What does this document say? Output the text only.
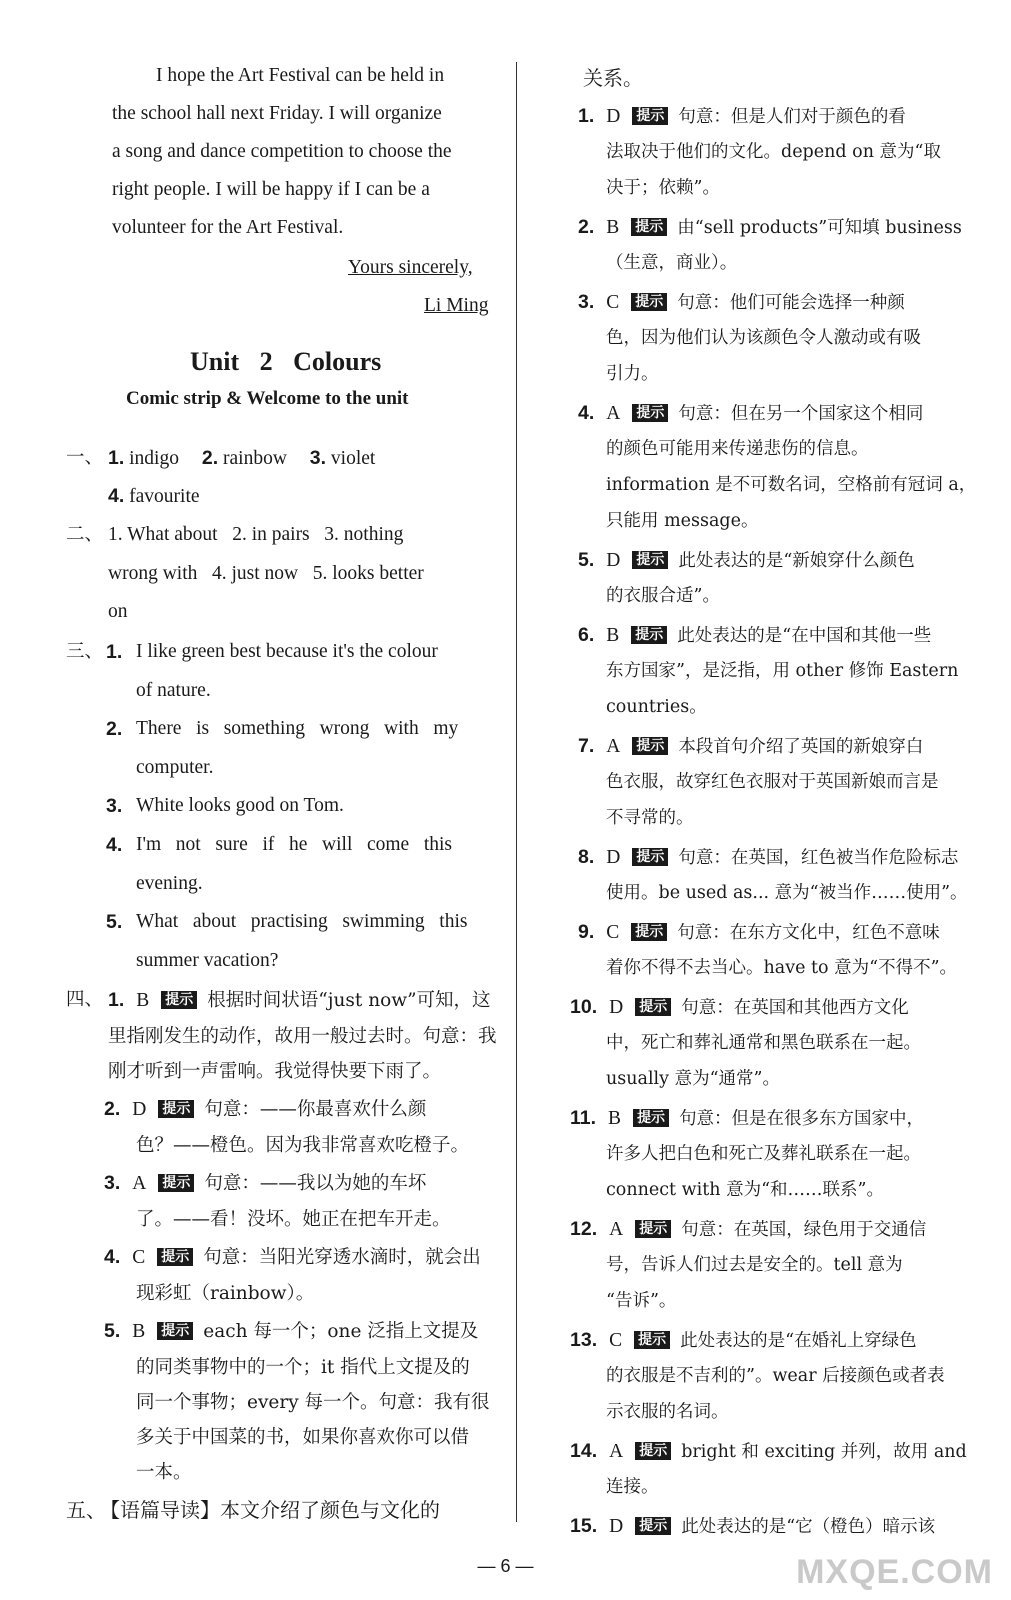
I hope the Art Festival can be held in
the school hall next Friday. I will organize
a song and dance competition to choose the
right people. I will be happy if I can be a
volunteer for the Art Festival.
Yours sincerely,
Li Ming
Unit 2 Colours
Comic strip & Welcome to the unit
一、 1. indigo 2. rainbow 3. violet
4. favourite
二、 1. What about   2. in pairs   3. nothing
wrong with   4. just now   5. looks better
on
三、 1. I like green best because it's the colour
of nature.
2. There   is   something   wrong   with   my
computer.
3. White looks good on Tom.
4. I'm   not   sure   if   he   will   come   this
evening.
5. What   about   practising   swimming   this
summer vacation?
四、 1. B 提示 根据时间状语“just now”可知，这
里指刚发生的动作，故用一般过去时。句意：我
刚才听到一声雷响。我觉得快要下雨了。
2. D 提示 句意：——你最喜欢什么颜
色？——橙色。因为我非常喜欢吃橙子。
3. A 提示 句意：——我以为她的车坏
了。——看！没坏。她正在把车开走。
4. C 提示 句意：当阳光穿透水滴时，就会出
现彩虹（rainbow）。
5. B 提示 each 每一个；one 泛指上文提及
的同类事物中的一个；it 指代上文提及的
同一个事物；every 每一个。句意：我有很
多关于中国菜的书，如果你喜欢你可以借
一本。
五、
【语篇导读】本文介绍了颜色与文化的
关系。
1. D 提示 句意：但是人们对于颜色的看
法取决于他们的文化。depend on 意为“取
决于；依赖”。
2. B 提示 由“sell products”可知填 business
（生意，商业）。
3. C 提示 句意：他们可能会选择一种颜
色，因为他们认为该颜色令人激动或有吸
引力。
4. A 提示 句意：但在另一个国家这个相同
的颜色可能用来传递悲伤的信息。
information 是不可数名词，空格前有冠词 a，
只能用 message。
5. D 提示 此处表达的是“新娘穿什么颜色
的衣服合适”。
6. B 提示 此处表达的是“在中国和其他一些
东方国家”，是泛指，用 other 修饰 Eastern
countries。
7. A 提示 本段首句介绍了英国的新娘穿白
色衣服，故穿红色衣服对于英国新娘而言是
不寻常的。
8. D 提示 句意：在英国，红色被当作危险标志
使用。be used as... 意为“被当作……使用”。
9. C 提示 句意：在东方文化中，红色不意味
着你不得不去当心。have to 意为“不得不”。
10. D 提示 句意：在英国和其他西方文化
中，死亡和葬礼通常和黑色联系在一起。
usually 意为“通常”。
11. B 提示 句意：但是在很多东方国家中，
许多人把白色和死亡及葬礼联系在一起。
connect with 意为“和……联系”。
12. A 提示 句意：在英国，绿色用于交通信
号，告诉人们过去是安全的。tell 意为
“告诉”。
13. C 提示 此处表达的是“在婚礼上穿绿色
的衣服是不吉利的”。wear 后接颜色或者表
示衣服的名词。
14. A 提示 bright 和 exciting 并列，故用 and
连接。
15. D 提示 此处表达的是“它（橙色）暗示该
— 6 —	MXQE.COM
